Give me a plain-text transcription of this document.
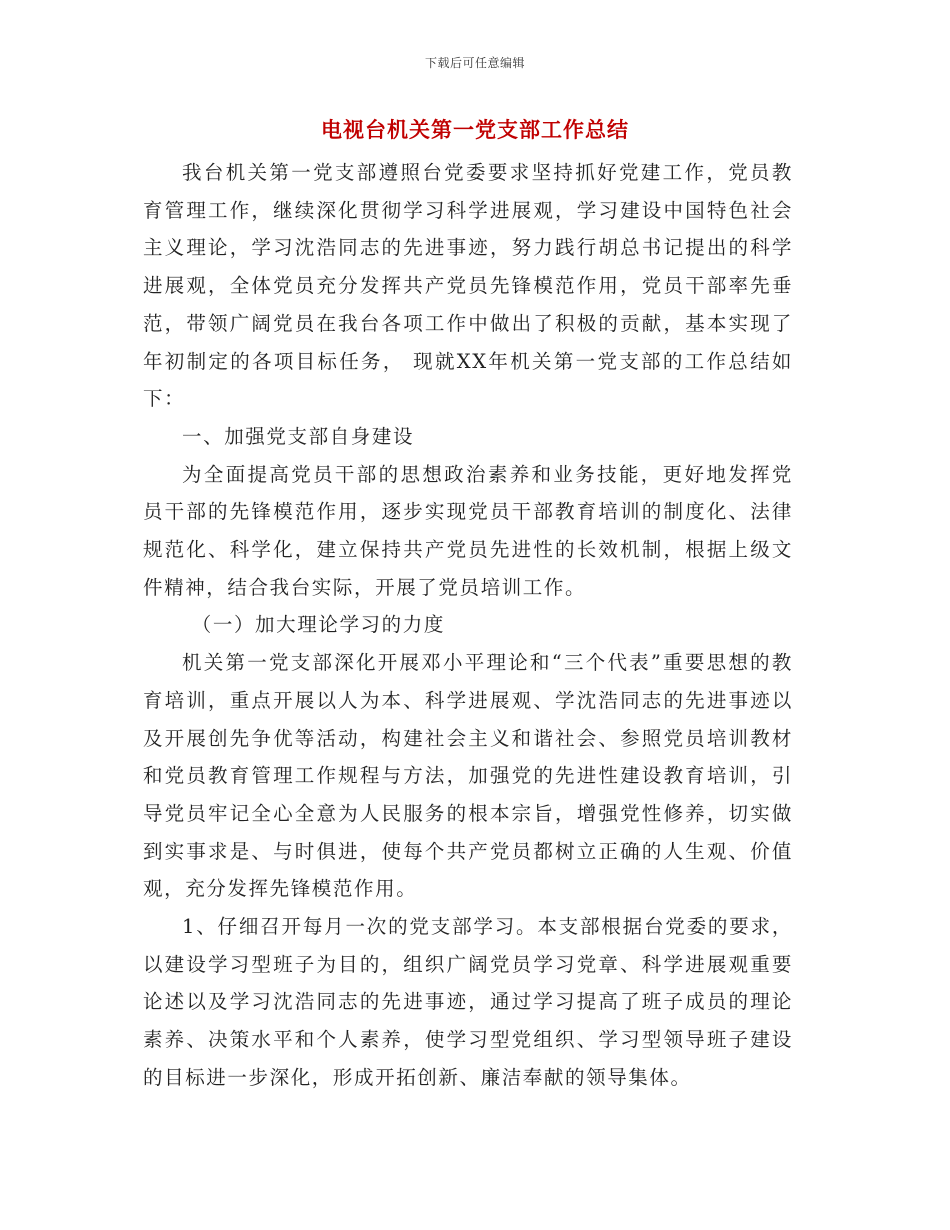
下载后可任意编辑
电视台机关第一党支部工作总结

我台机关第一党支部遵照台党委要求坚持抓好党建工作，党员教育管理工作，继续深化贯彻学习科学进展观，学习建设中国特色社会主义理论，学习沈浩同志的先进事迹，努力践行胡总书记提出的科学进展观，全体党员充分发挥共产党员先锋模范作用，党员干部率先垂范，带领广阔党员在我台各项工作中做出了积极的贡献，基本实现了年初制定的各项目标任务， 现就XX年机关第一党支部的工作总结如下：

一、加强党支部自身建设

为全面提高党员干部的思想政治素养和业务技能，更好地发挥党员干部的先锋模范作用，逐步实现党员干部教育培训的制度化、法律规范化、科学化，建立保持共产党员先进性的长效机制，根据上级文件精神，结合我台实际，开展了党员培训工作。

（一）加大理论学习的力度

机关第一党支部深化开展邓小平理论和“三个代表”重要思想的教育培训，重点开展以人为本、科学进展观、学沈浩同志的先进事迹以及开展创先争优等活动，构建社会主义和谐社会、参照党员培训教材和党员教育管理工作规程与方法，加强党的先进性建设教育培训，引导党员牢记全心全意为人民服务的根本宗旨，增强党性修养，切实做到实事求是、与时俱进，使每个共产党员都树立正确的人生观、价值观，充分发挥先锋模范作用。

1、仔细召开每月一次的党支部学习。本支部根据台党委的要求，以建设学习型班子为目的，组织广阔党员学习党章、科学进展观重要论述以及学习沈浩同志的先进事迹，通过学习提高了班子成员的理论素养、决策水平和个人素养，使学习型党组织、学习型领导班子建设的目标进一步深化，形成开拓创新、廉洁奉献的领导集体。
